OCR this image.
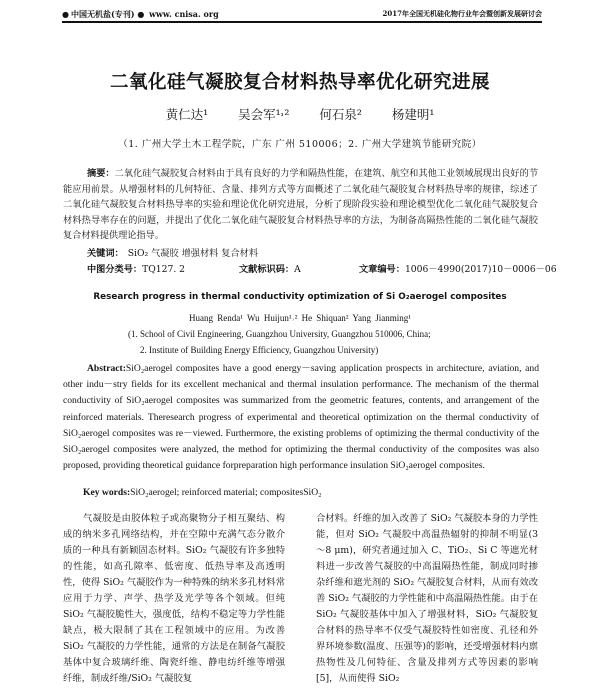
● 中国无机盐(专刊) ● www. cnisa. org	2017年全国无机硅化物行业年会暨创新发展研讨会
二氧化硅气凝胶复合材料热导率优化研究进展
黄仁达¹ 吴会军¹˒² 何石泉² 杨建明¹
（1. 广州大学土木工程学院，广东 广州 510006；2. 广州大学建筑节能研究院）

摘要：二氧化硅气凝胶复合材料由于具有良好的力学和隔热性能，在建筑、航空和其他工业领域展现出良好的节能应用前景。从增强材料的几何特征、含量、排列方式等方面概述了二氧化硅气凝胶复合材料热导率的规律，综述了二氧化硅气凝胶复合材料热导率的实验和理论优化研究进展，分析了现阶段实验和理论模型优化二氧化硅气凝胶复合材料热导率存在的问题，并提出了优化二氧化硅气凝胶复合材料热导率的方法，为制备高隔热性能的二氧化硅气凝胶复合材料提供理论指导。

关键词： SiO₂ 气凝胶 增强材料 复合材料
中图分类号：TQ127. 2	文献标识码：A	文章编号：1006－4990(2017)10－0006－06
Research progress in thermal conductivity optimization of Si O₂aerogel composites
Huang Renda¹ Wu Huijun¹˒² He Shiquan² Yang Jianming¹
(1. School of Civil Engineering, Guangzhou University, Guangzhou 510006, China;
2. Institute of Building Energy Efficiency, Guangzhou University)

Abstract:SiO₂aerogel composites have a good energy－saving application prospects in architecture, aviation, and other indu－stry fields for its excellent mechanical and thermal insulation performance. The mechanism of the thermal conductivity of SiO₂aerogel composites was summarized from the geometric features, contents, and arrangement of the reinforced materials. Theresearch progress of experimental and theoretical optimization on the thermal conductivity of SiO₂aerogel composites was re－viewed. Furthermore, the existing problems of optimizing the thermal conductivity of the SiO₂aerogel composites were analyzed, the method for optimizing the thermal conductivity of the composites was also proposed, providing theoretical guidance forpreparation high performance insulation SiO₂aerogel composites.

Key words:SiO₂aerogel; reinforced material; compositesSiO₂

气凝胶是由胶体粒子或高聚物分子相互聚结、构成的纳米多孔网络结构，并在空隙中充满气态分散介质的一种具有新颖固态材料。SiO₂ 气凝胶有许多独特的性能，如高孔隙率、低密度、低热导率及高透明性，使得 SiO₂ 气凝胶作为一种特殊的纳米多孔材料常应用于力学、声学、热学及光学等各个领域。但纯 SiO₂ 气凝胶脆性大，强度低，结构不稳定等力学性能缺点，极大限制了其在工程领域中的应用。为改善 SiO₂ 气凝胶的力学性能，通常的方法是在制备气凝胶基体中复合玻璃纤维、陶瓷纤维、静电纺纤维等增强纤维，制成纤维/SiO₂ 气凝胶复

合材料。纤维的加入改善了 SiO₂ 气凝胶本身的力学性能，但对 SiO₂ 气凝胶中高温热辐射的抑制不明显(3～8 μm)，研究者通过加入 C、TiO₂、Si C 等遮光材料进一步改善气凝胶的中高温隔热性能，制成同时掺杂纤维和遮光剂的 SiO₂ 气凝胶复合材料，从而有效改善 SiO₂ 气凝胶的力学性能和中高温隔热性能。由于在 SiO₂ 气凝胶基体中加入了增强材料，SiO₂ 气凝胶复合材料的热导率不仅受气凝胶特性如密度、孔径和外界环境参数(温度、压强等)的影响，还受增强材料内禀热物性及几何特征、含量及排列方式等因素的影响[5]，从而使得 SiO₂
